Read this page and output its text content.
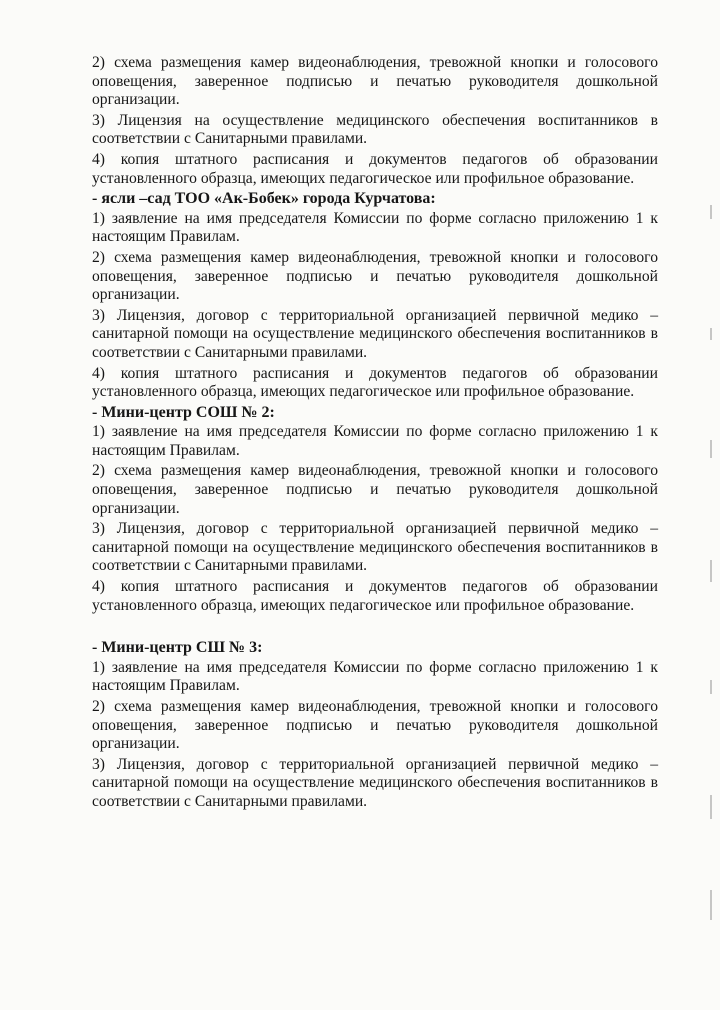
2) схема размещения камер видеонаблюдения, тревожной кнопки и голосового оповещения, заверенное подписью и печатью руководителя дошкольной организации.

3) Лицензия на осуществление медицинского обеспечения воспитанников в соответствии с Санитарными правилами.

4) копия штатного расписания и документов педагогов об образовании установленного образца, имеющих педагогическое или профильное образование.

- ясли –сад ТОО «Ак-Бобек» города Курчатова:

1) заявление на имя председателя Комиссии по форме согласно приложению 1 к настоящим Правилам.

2) схема размещения камер видеонаблюдения, тревожной кнопки и голосового оповещения, заверенное подписью и печатью руководителя дошкольной организации.

3) Лицензия, договор с территориальной организацией первичной медико – санитарной помощи на осуществление медицинского обеспечения воспитанников в соответствии с Санитарными правилами.

4) копия штатного расписания и документов педагогов об образовании установленного образца, имеющих педагогическое или профильное образование.

- Мини-центр СОШ № 2:

1) заявление на имя председателя Комиссии по форме согласно приложению 1 к настоящим Правилам.

2) схема размещения камер видеонаблюдения, тревожной кнопки и голосового оповещения, заверенное подписью и печатью руководителя дошкольной организации.

3) Лицензия, договор с территориальной организацией первичной медико – санитарной помощи на осуществление медицинского обеспечения воспитанников в соответствии с Санитарными правилами.

4) копия штатного расписания и документов педагогов об образовании установленного образца, имеющих педагогическое или профильное образование.

- Мини-центр СШ № 3:

1) заявление на имя председателя Комиссии по форме согласно приложению 1 к настоящим Правилам.

2) схема размещения камер видеонаблюдения, тревожной кнопки и голосового оповещения, заверенное подписью и печатью руководителя дошкольной организации.

3) Лицензия, договор с территориальной организацией первичной медико – санитарной помощи на осуществление медицинского обеспечения воспитанников в соответствии с Санитарными правилами.
